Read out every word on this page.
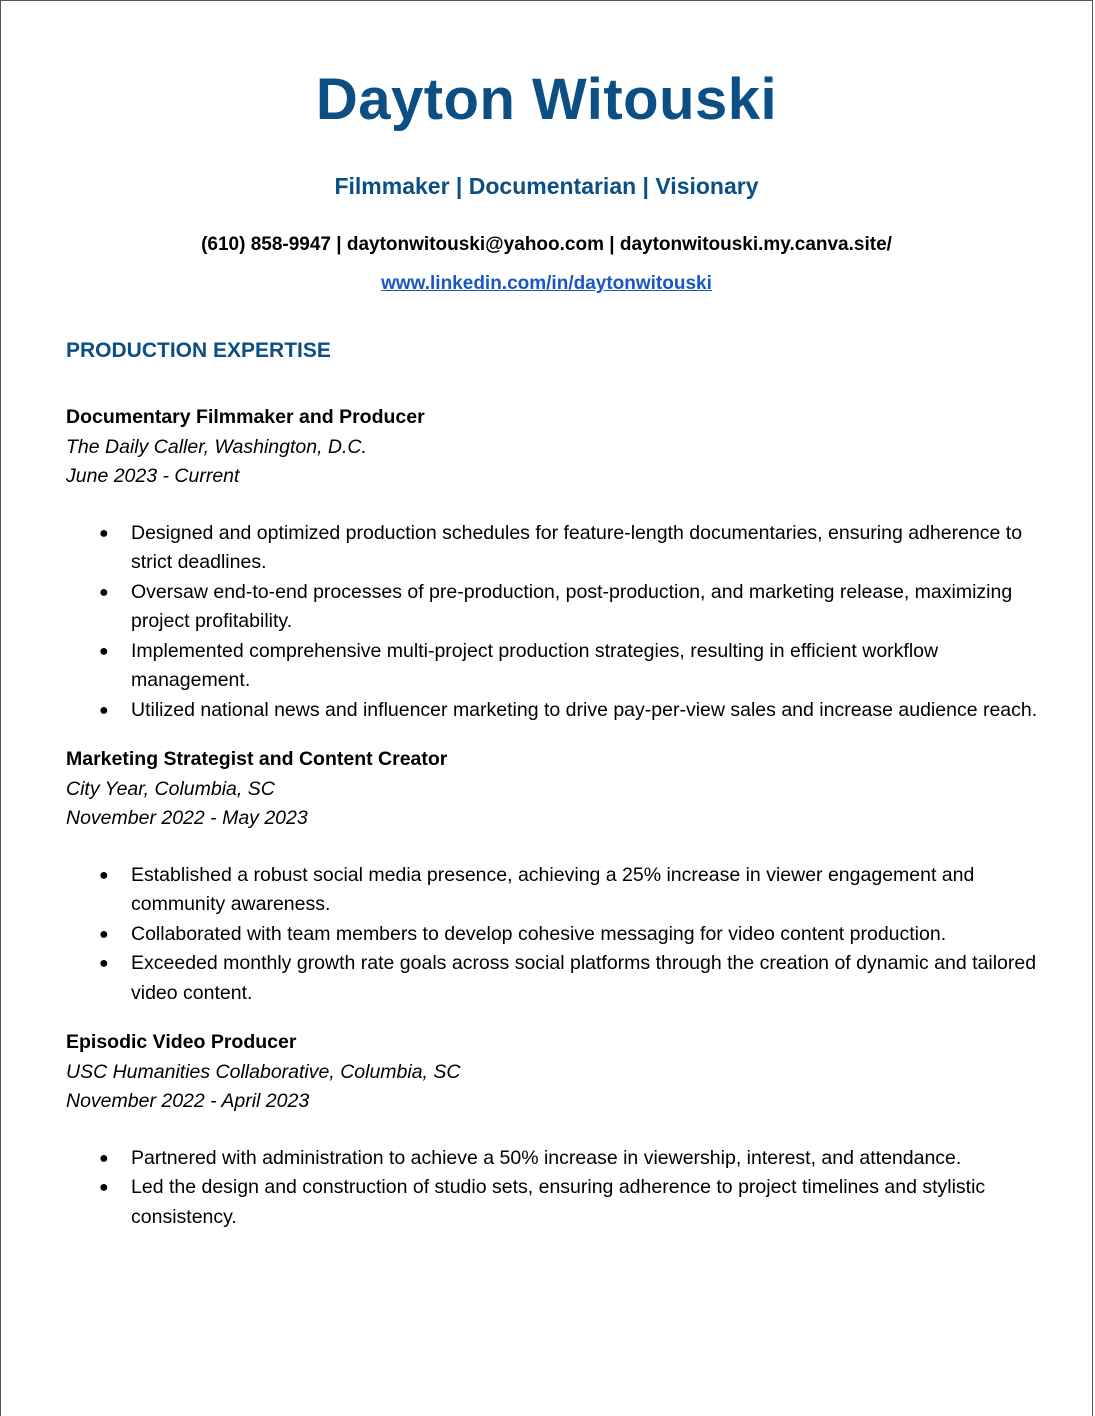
Dayton Witouski
Filmmaker | Documentarian | Visionary
(610) 858-9947 | daytonwitouski@yahoo.com | daytonwitouski.my.canva.site/
www.linkedin.com/in/daytonwitouski
PRODUCTION EXPERTISE
Documentary Filmmaker and Producer
The Daily Caller, Washington, D.C.
June 2023 - Current
● Designed and optimized production schedules for feature-length documentaries, ensuring adherence to strict deadlines.
● Oversaw end-to-end processes of pre-production, post-production, and marketing release, maximizing project profitability.
● Implemented comprehensive multi-project production strategies, resulting in efficient workflow management.
● Utilized national news and influencer marketing to drive pay-per-view sales and increase audience reach.
Marketing Strategist and Content Creator
City Year, Columbia, SC
November 2022 - May 2023
● Established a robust social media presence, achieving a 25% increase in viewer engagement and community awareness.
● Collaborated with team members to develop cohesive messaging for video content production.
● Exceeded monthly growth rate goals across social platforms through the creation of dynamic and tailored video content.
Episodic Video Producer
USC Humanities Collaborative, Columbia, SC
November 2022 - April 2023
● Partnered with administration to achieve a 50% increase in viewership, interest, and attendance.
● Led the design and construction of studio sets, ensuring adherence to project timelines and stylistic consistency.
